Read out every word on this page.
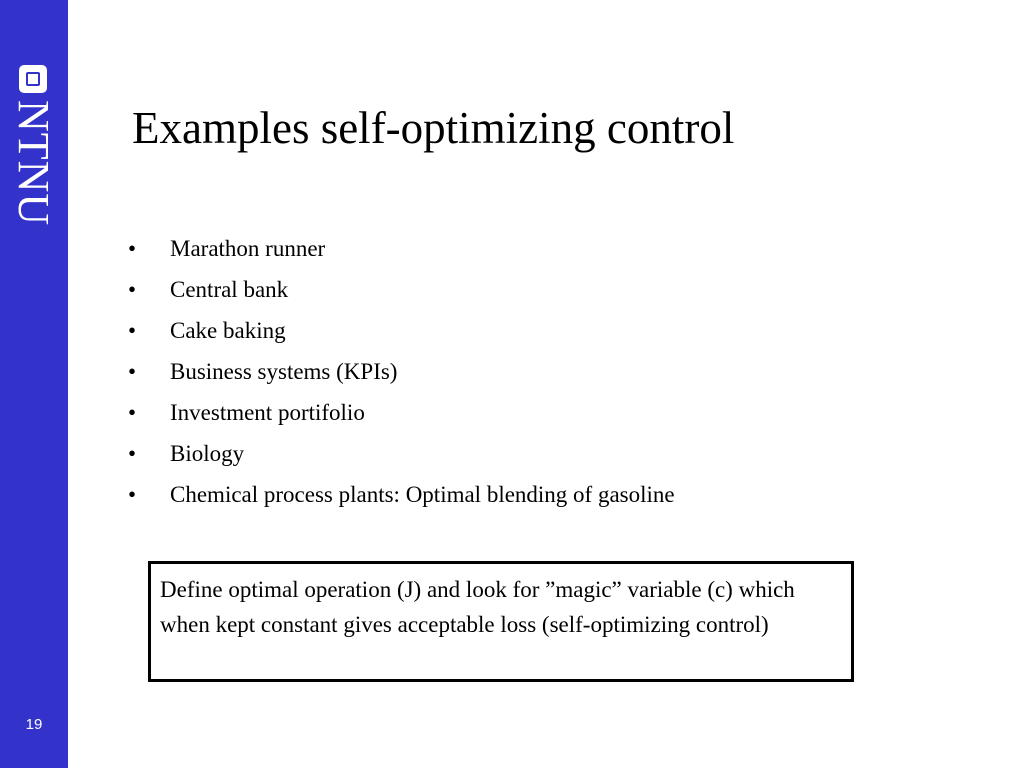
NTNU
19
Examples self-optimizing control
• Marathon runner
• Central bank
• Cake baking
• Business systems (KPIs)
• Investment portifolio
• Biology
• Chemical process plants: Optimal blending of gasoline
Define optimal operation (J) and look for ”magic” variable (c) which when kept constant gives acceptable loss (self-optimizing control)
